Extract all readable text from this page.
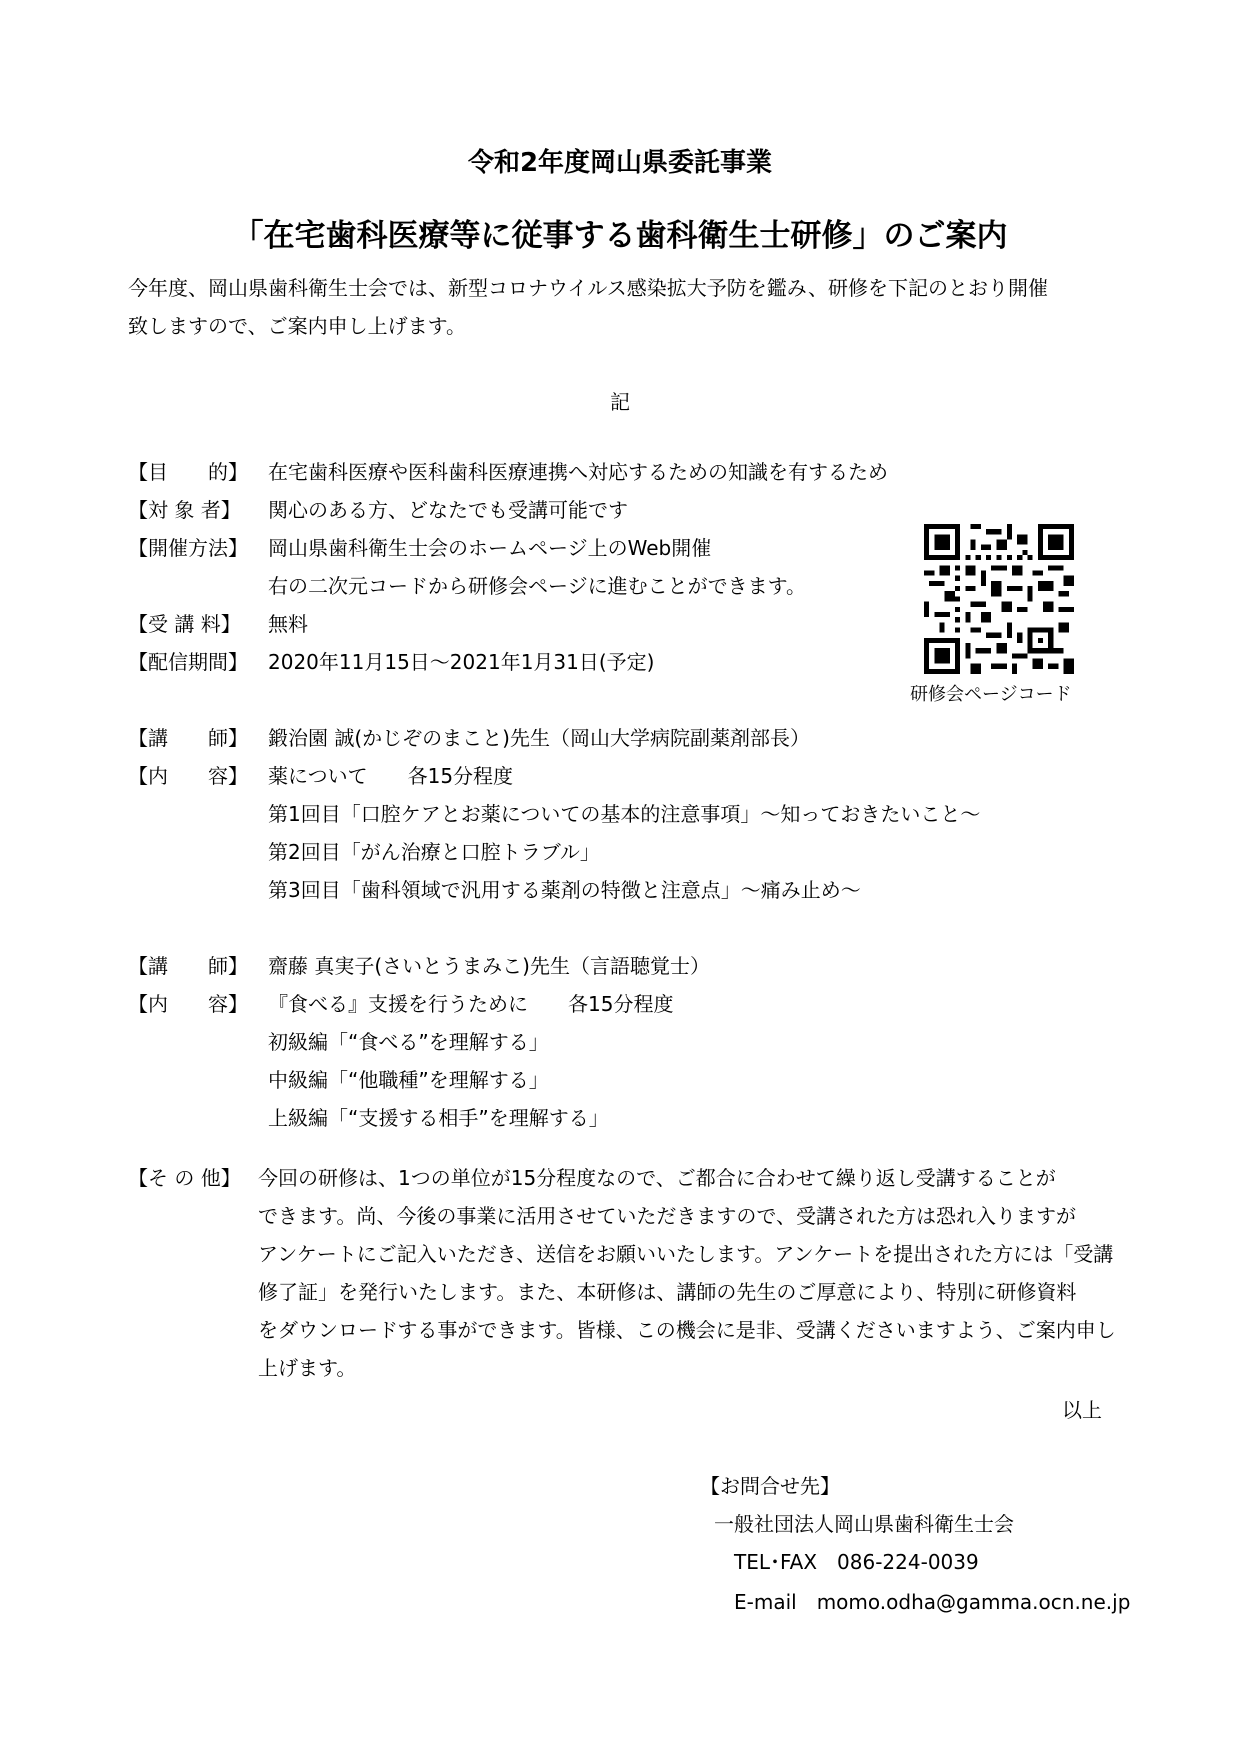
令和2年度岡山県委託事業
「在宅歯科医療等に従事する歯科衛生士研修」のご案内
今年度、岡山県歯科衛生士会では、新型コロナウイルス感染拡大予防を鑑み、研修を下記のとおり開催
致しますので、ご案内申し上げます。
記
【目　　的】	在宅歯科医療や医科歯科医療連携へ対応するための知識を有するため
【対 象 者】	関心のある方、どなたでも受講可能です
【開催方法】	岡山県歯科衛生士会のホームページ上のWeb開催
右の二次元コードから研修会ページに進むことができます。
【受 講 料】	無料
【配信期間】	2020年11月15日～2021年1月31日(予定)
研修会ページコード
【講　　師】	鍛治園 誠(かじぞのまこと)先生（岡山大学病院副薬剤部長）
【内　　容】	薬について　　各15分程度
第1回目「口腔ケアとお薬についての基本的注意事項」～知っておきたいこと～
第2回目「がん治療と口腔トラブル」
第3回目「歯科領域で汎用する薬剤の特徴と注意点」～痛み止め～
【講　　師】	齋藤 真実子(さいとうまみこ)先生（言語聴覚士）
【内　　容】	『食べる』支援を行うために　　各15分程度
初級編「“食べる”を理解する」
中級編「“他職種”を理解する」
上級編「“支援する相手”を理解する」
【そ の 他】 今回の研修は、1つの単位が15分程度なので、ご都合に合わせて繰り返し受講することが
できます。尚、今後の事業に活用させていただきますので、受講された方は恐れ入りますが
アンケートにご記入いただき、送信をお願いいたします。アンケートを提出された方には「受講
修了証」を発行いたします。また、本研修は、講師の先生のご厚意により、特別に研修資料
をダウンロードする事ができます。皆様、この機会に是非、受講くださいますよう、ご案内申し
上げます。
以上
【お問合せ先】
一般社団法人岡山県歯科衛生士会
TEL･FAX　086-224-0039
E-mail　momo.odha@gamma.ocn.ne.jp
